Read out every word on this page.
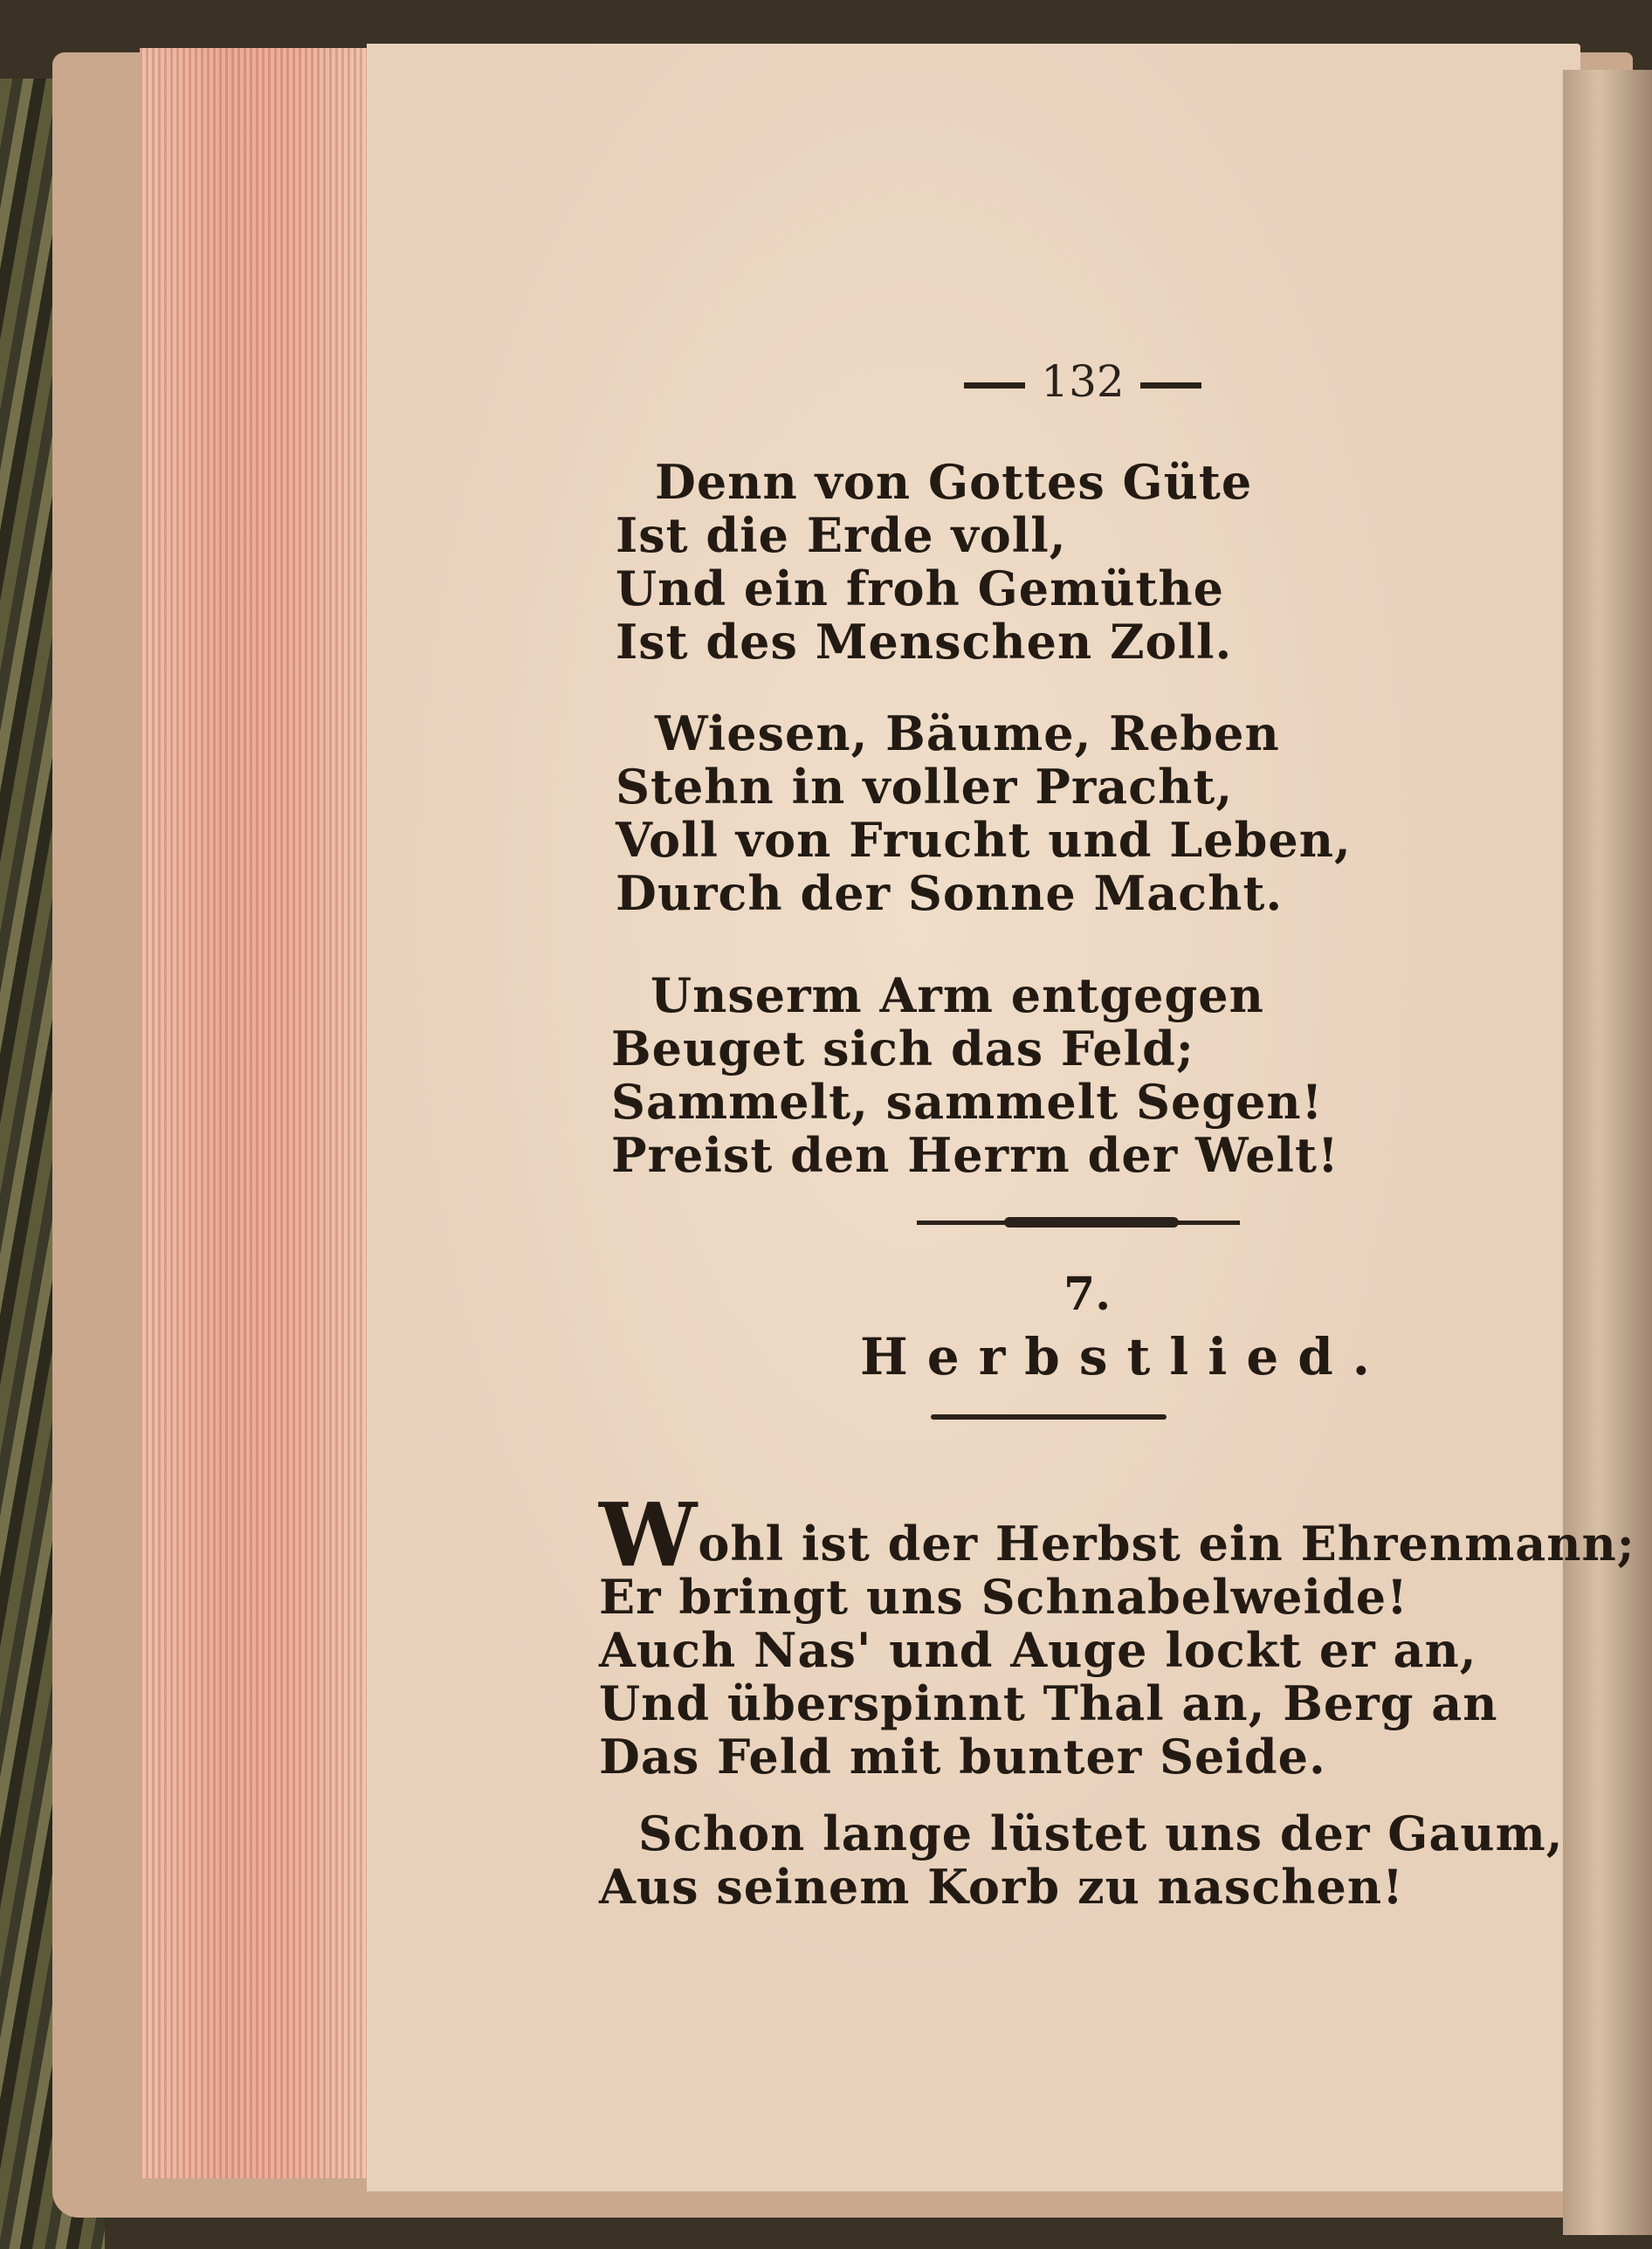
132
Denn von Gottes Güte
Ist die Erde voll,
Und ein froh Gemüthe
Ist des Menschen Zoll.
Wiesen, Bäume, Reben
Stehn in voller Pracht,
Voll von Frucht und Leben,
Durch der Sonne Macht.
Unserm Arm entgegen
Beuget sich das Feld;
Sammelt, sammelt Segen!
Preist den Herrn der Welt!
7.
Herbstlied.
Wohl ist der Herbst ein Ehrenmann;
Er bringt uns Schnabelweide!
Auch Nas' und Auge lockt er an,
Und überspinnt Thal an, Berg an
Das Feld mit bunter Seide.
Schon lange lüstet uns der Gaum,
Aus seinem Korb zu naschen!
